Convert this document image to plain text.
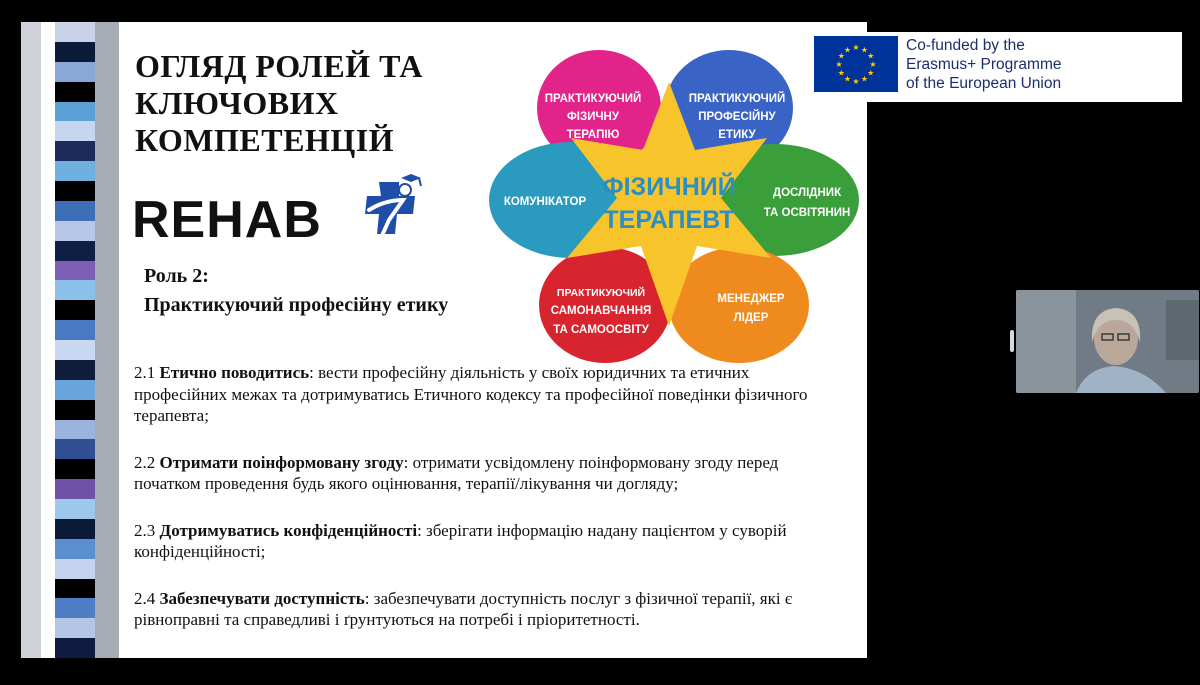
ОГЛЯД РОЛЕЙ ТА
КЛЮЧОВИХ
КОМПЕТЕНЦІЙ
REHAB
Роль 2:
Практикуючий професійну етику

2.1 Етично поводитись: вести професійну діяльність у своїх юридичних та етичних професійних межах та дотримуватись Етичного кодексу та професійної поведінки фізичного терапевта;

2.2 Отримати поінформовану згоду: отримати усвідомлену поінформовану згоду перед початком проведення будь якого оцінювання, терапії/лікування чи догляду;

2.3 Дотримуватись конфіденційності: зберігати інформацію надану пацієнтом у суворій конфіденційності;

2.4 Забезпечувати доступність: забезпечувати доступність послуг з фізичної терапії, які є рівноправні та справедливі і ґрунтуються на потребі і пріоритетності.

ПРАКТИКУЮЧИЙ
ФІЗИЧНУ
ТЕРАПІЮ
ПРАКТИКУЮЧИЙ
ПРОФЕСІЙНУ
ЕТИКУ
КОМУНІКАТОР
ДОСЛІДНИК
ТА ОСВІТЯНИН
ПРАКТИКУЮЧИЙ
САМОНАВЧАННЯ
ТА САМООСВІТУ
МЕНЕДЖЕР
ЛІДЕР
ФІЗИЧНИЙ
ТЕРАПЕВТ
★
★
★
★
★
★
★
★
★ ★ ★
★
Co-funded by the
Erasmus+ Programme
of the European Union
